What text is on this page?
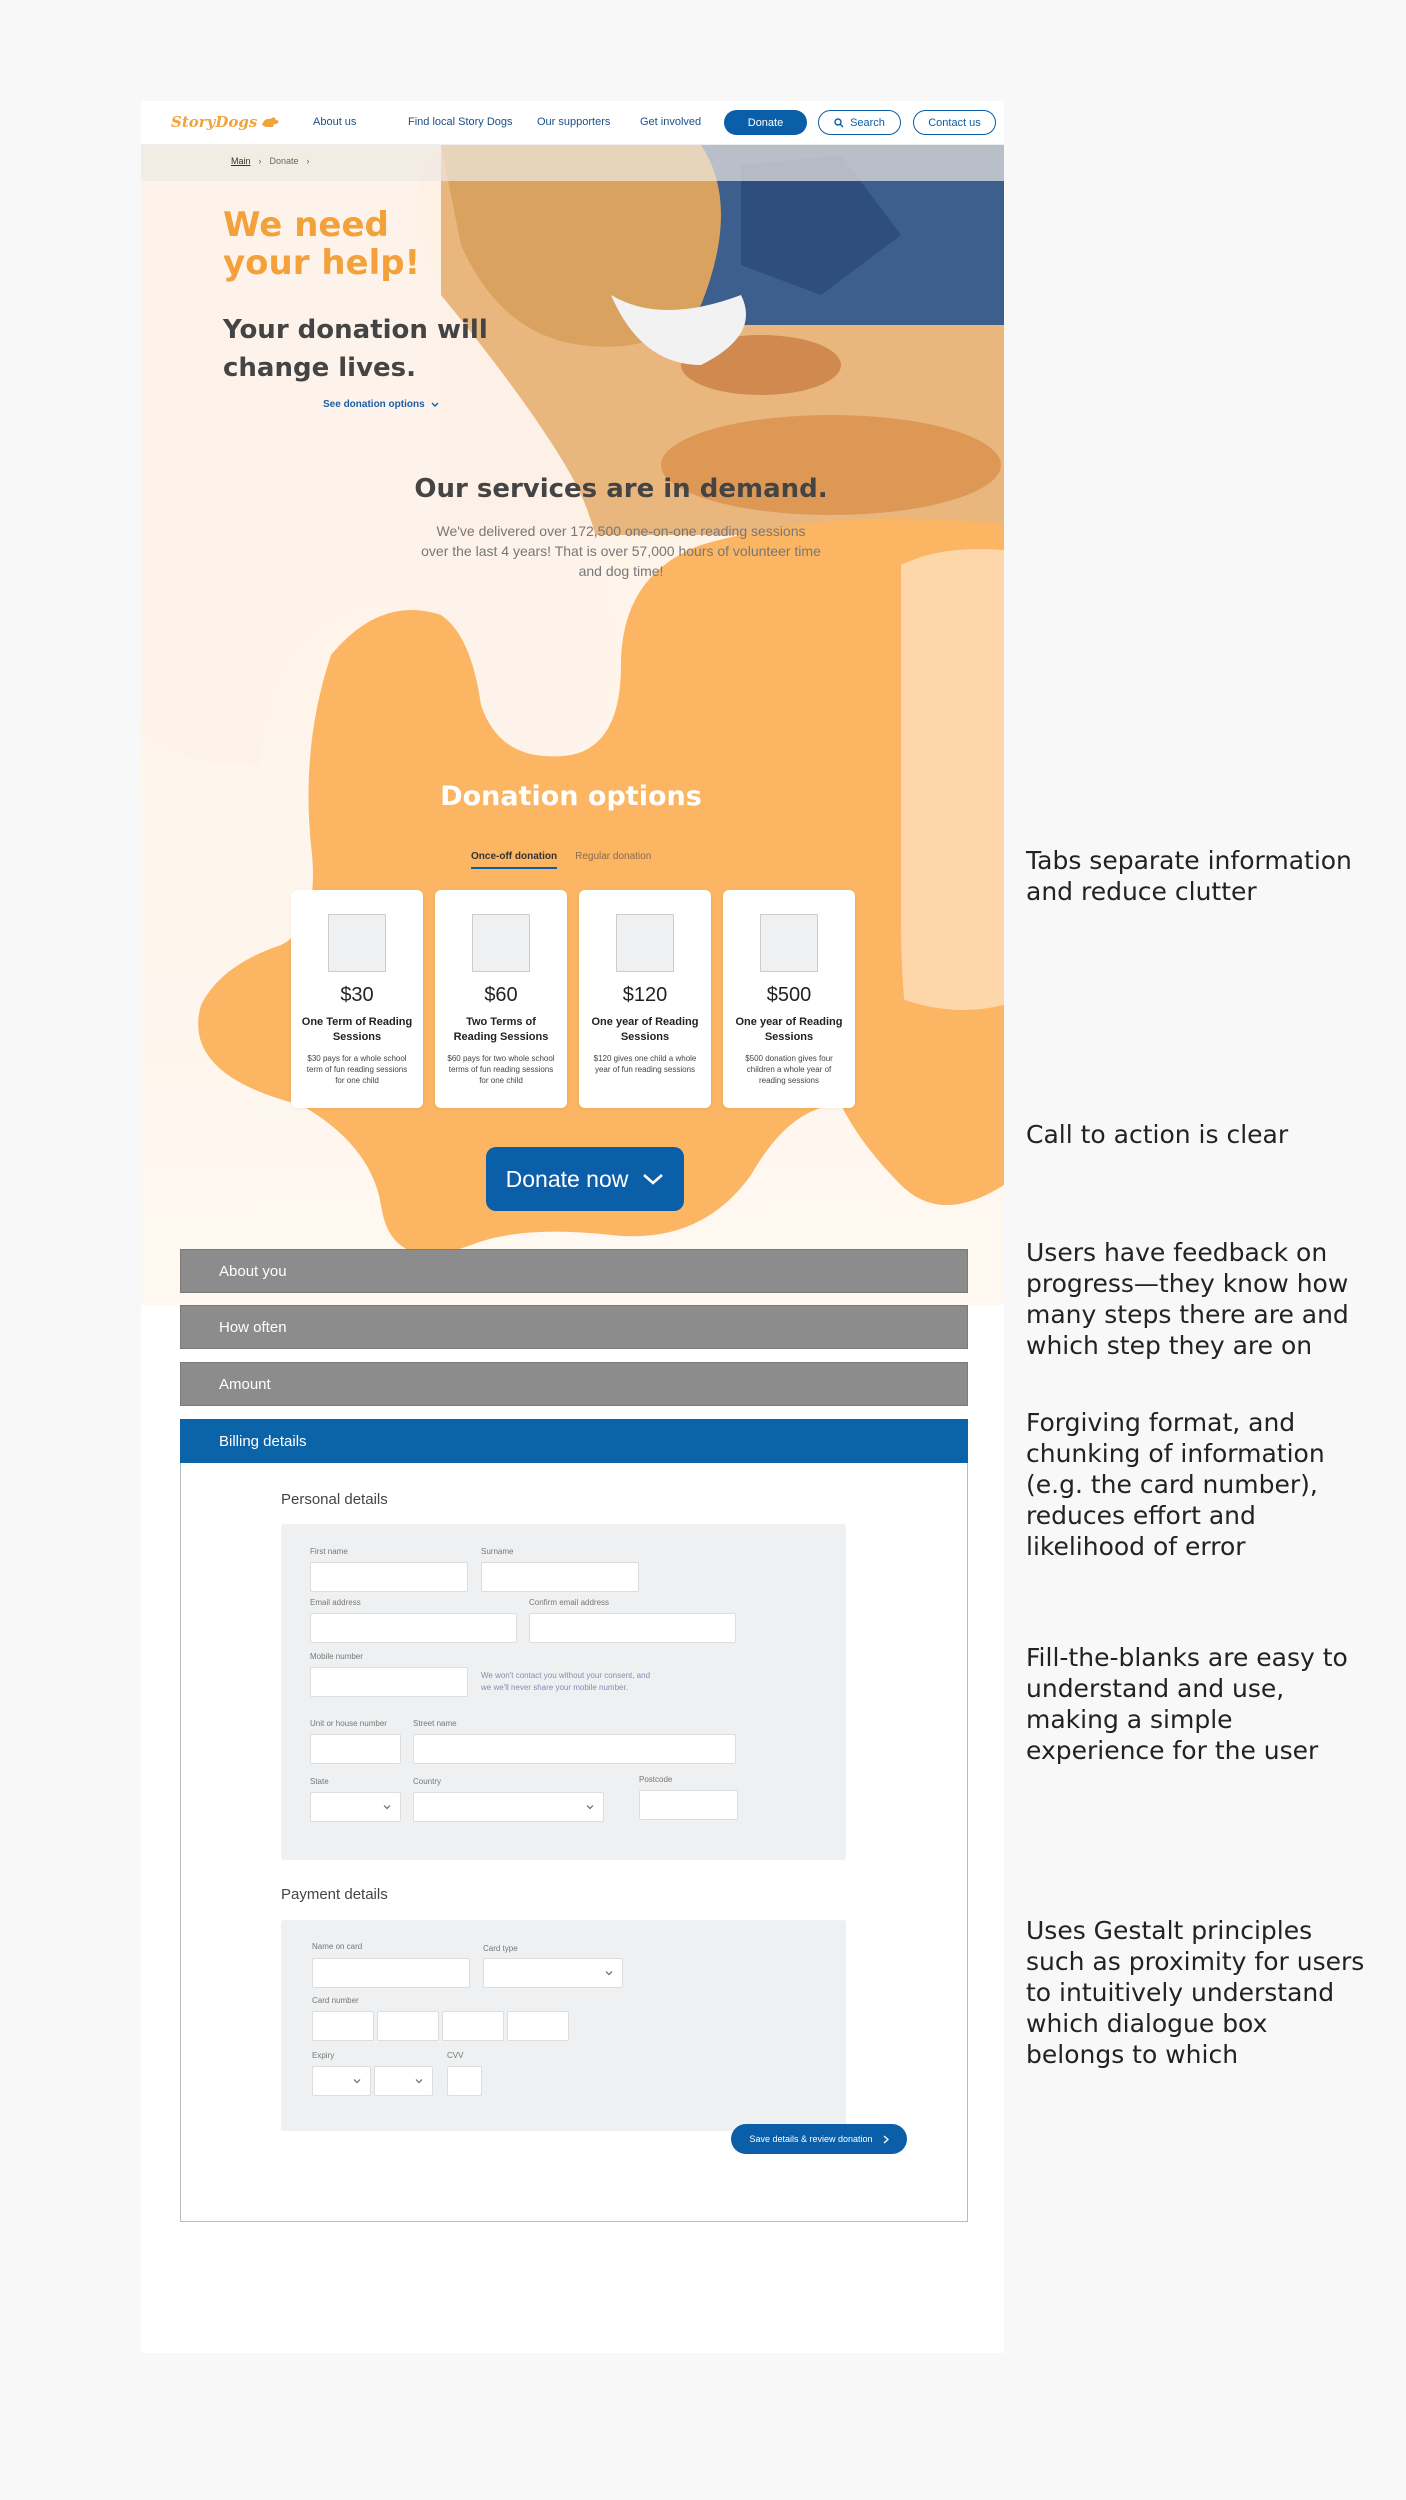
StoryDogs	About us	Find local Story Dogs Our supporters	Get involved	Donate	Search	Contact us
Main › Donate ›
We need your help!
Your donation will change lives.
See donation options
Our services are in demand.
We've delivered over 172,500 one-on-one reading sessions over the last 4 years! That is over 57,000 hours of volunteer time and dog time!
Donation options
Once-off donation Regular donation
$30
One Term of Reading Sessions
$30 pays for a whole school term of fun reading sessions for one child
$60
Two Terms of Reading Sessions
$60 pays for two whole school terms of fun reading sessions for one child
$120
One year of Reading Sessions
$120 gives one child a whole year of fun reading sessions
$500
One year of Reading Sessions
$500 donation gives four children a whole year of reading sessions
Donate now
About you
How often
Amount
Billing details
Personal details
First name	Surname
Email address	Confirm email address
Mobile number
We won't contact you without your consent, and we we'll never share your mobile number.
Unit or house number	Street name
State	Country	Postcode
Payment details
Name on card	Card type
Card number
Expiry	CVV
Save details & review donation
Tabs separate information and reduce clutter
Call to action is clear
Users have feedback on progress—they know how many steps there are and which step they are on
Forgiving format, and chunking of information (e.g. the card number), reduces effort and likelihood of error
Fill-the-blanks are easy to understand and use, making a simple experience for the user
Uses Gestalt principles such as proximity for users to intuitively understand which dialogue box belongs to which
